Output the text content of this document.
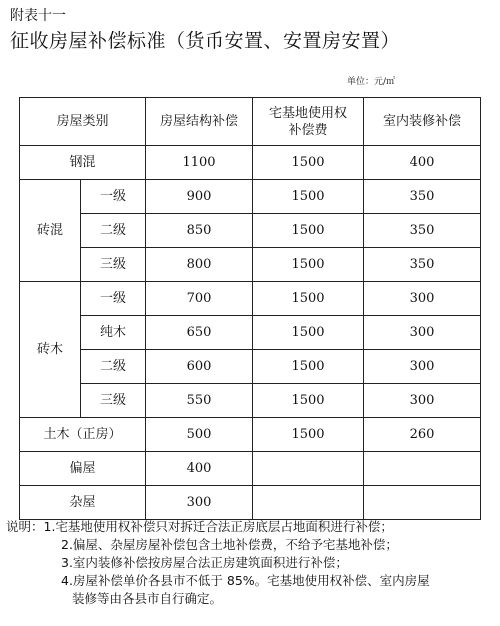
附表十一
征收房屋补偿标准（货币安置、安置房安置）
单位：元/㎡
房屋类别		房屋结构补偿	宅基地使用权补偿费	室内装修补偿
钢混		1100	1500	400
砖混	一级	900	1500	350
	二级	850	1500	350
	三级	800	1500	350
砖木	一级	700	1500	300
	纯木	650	1500	300
	二级	600	1500	300
	三级	550	1500	300
土木（正房）		500	1500	260
偏屋		400		
杂屋		300		
说明：1.宅基地使用权补偿只对拆迁合法正房底层占地面积进行补偿；
2.偏屋、杂屋房屋补偿包含土地补偿费，不给予宅基地补偿；
3.室内装修补偿按房屋合法正房建筑面积进行补偿；
4.房屋补偿单价各县市不低于 85%。宅基地使用权补偿、室内房屋
装修等由各县市自行确定。
